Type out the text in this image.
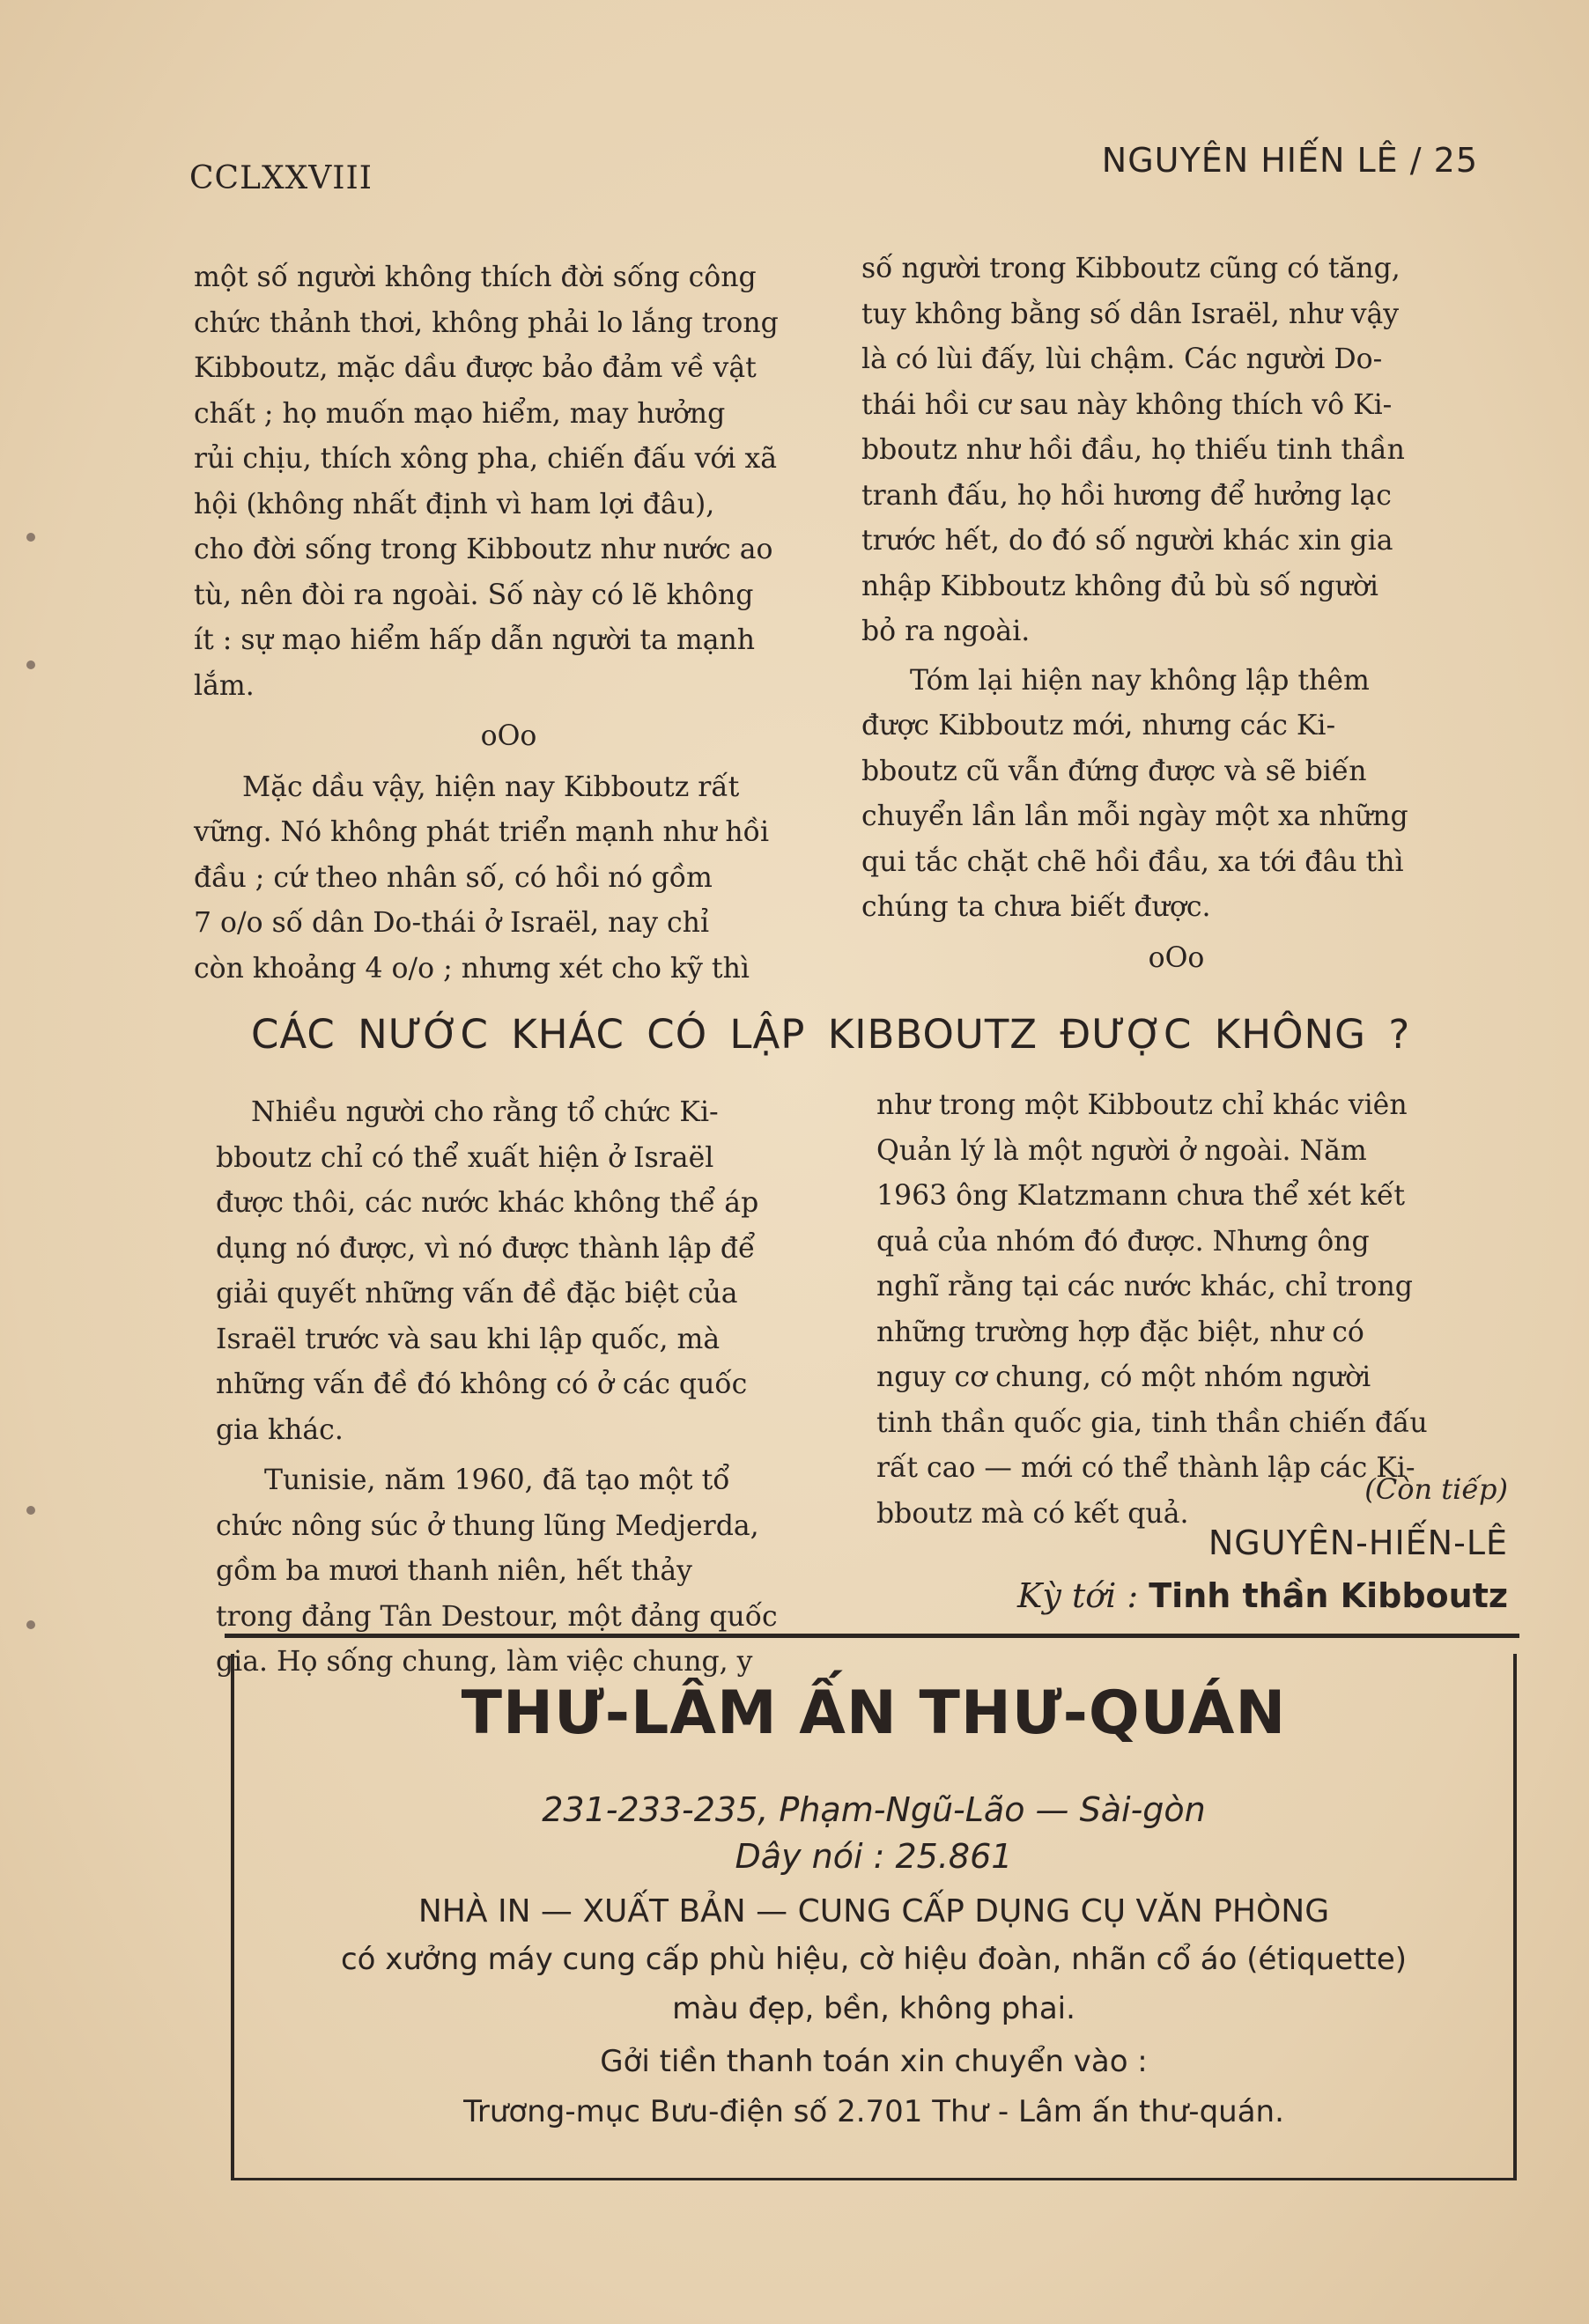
CCLXXVIII	NGUYÊN HIẾN LÊ / 25
một số người không thích đời sống công
chức thảnh thơi, không phải lo lắng trong
Kibboutz, mặc dầu được bảo đảm về vật
chất ; họ muốn mạo hiểm, may hưởng
rủi chịu, thích xông pha, chiến đấu với xã
hội (không nhất định vì ham lợi đâu),
cho đời sống trong Kibboutz như nước ao
tù, nên đòi ra ngoài. Số này có lẽ không
ít : sự mạo hiểm hấp dẫn người ta mạnh
lắm.
oOo
Mặc dầu vậy, hiện nay Kibboutz rất
vững. Nó không phát triển mạnh như hồi
đầu ; cứ theo nhân số, có hồi nó gồm
7 o/o số dân Do-thái ở Israël, nay chỉ
còn khoảng 4 o/o ; nhưng xét cho kỹ thì
số người trong Kibboutz cũng có tăng,
tuy không bằng số dân Israël, như vậy
là có lùi đấy, lùi chậm. Các người Do-
thái hồi cư sau này không thích vô Ki-
bboutz như hồi đầu, họ thiếu tinh thần
tranh đấu, họ hồi hương để hưởng lạc
trước hết, do đó số người khác xin gia
nhập Kibboutz không đủ bù số người
bỏ ra ngoài.
Tóm lại hiện nay không lập thêm
được Kibboutz mới, nhưng các Ki-
bboutz cũ vẫn đứng được và sẽ biến
chuyển lần lần mỗi ngày một xa những
qui tắc chặt chẽ hồi đầu, xa tới đâu thì
chúng ta chưa biết được.
oOo
CÁC NƯỚC KHÁC CÓ LẬP KIBBOUTZ ĐƯỢC KHÔNG ?
Nhiều người cho rằng tổ chức Ki-
bboutz chỉ có thể xuất hiện ở Israël
được thôi, các nước khác không thể áp
dụng nó được, vì nó được thành lập để
giải quyết những vấn đề đặc biệt của
Israël trước và sau khi lập quốc, mà
những vấn đề đó không có ở các quốc
gia khác.
Tunisie, năm 1960, đã tạo một tổ
chức nông súc ở thung lũng Medjerda,
gồm ba mươi thanh niên, hết thảy
trong đảng Tân Destour, một đảng quốc
gia. Họ sống chung, làm việc chung, y
như trong một Kibboutz chỉ khác viên
Quản lý là một người ở ngoài. Năm
1963 ông Klatzmann chưa thể xét kết
quả của nhóm đó được. Nhưng ông
nghĩ rằng tại các nước khác, chỉ trong
những trường hợp đặc biệt, như có
nguy cơ chung, có một nhóm người
tinh thần quốc gia, tinh thần chiến đấu
rất cao — mới có thể thành lập các Ki-
bboutz mà có kết quả.
(Còn tiếp)
NGUYÊN-HIẾN-LÊ
Kỳ tới : Tinh thần Kibboutz
THƯ-LÂM ẤN THƯ-QUÁN
231-233-235, Phạm-Ngũ-Lão — Sài-gòn
Dây nói : 25.861
NHÀ IN — XUẤT BẢN — CUNG CẤP DỤNG CỤ VĂN PHÒNG
có xưởng máy cung cấp phù hiệu, cờ hiệu đoàn, nhãn cổ áo (étiquette)
màu đẹp, bền, không phai.
Gởi tiền thanh toán xin chuyển vào :
Trương-mục Bưu-điện số 2.701 Thư - Lâm ấn thư-quán.
